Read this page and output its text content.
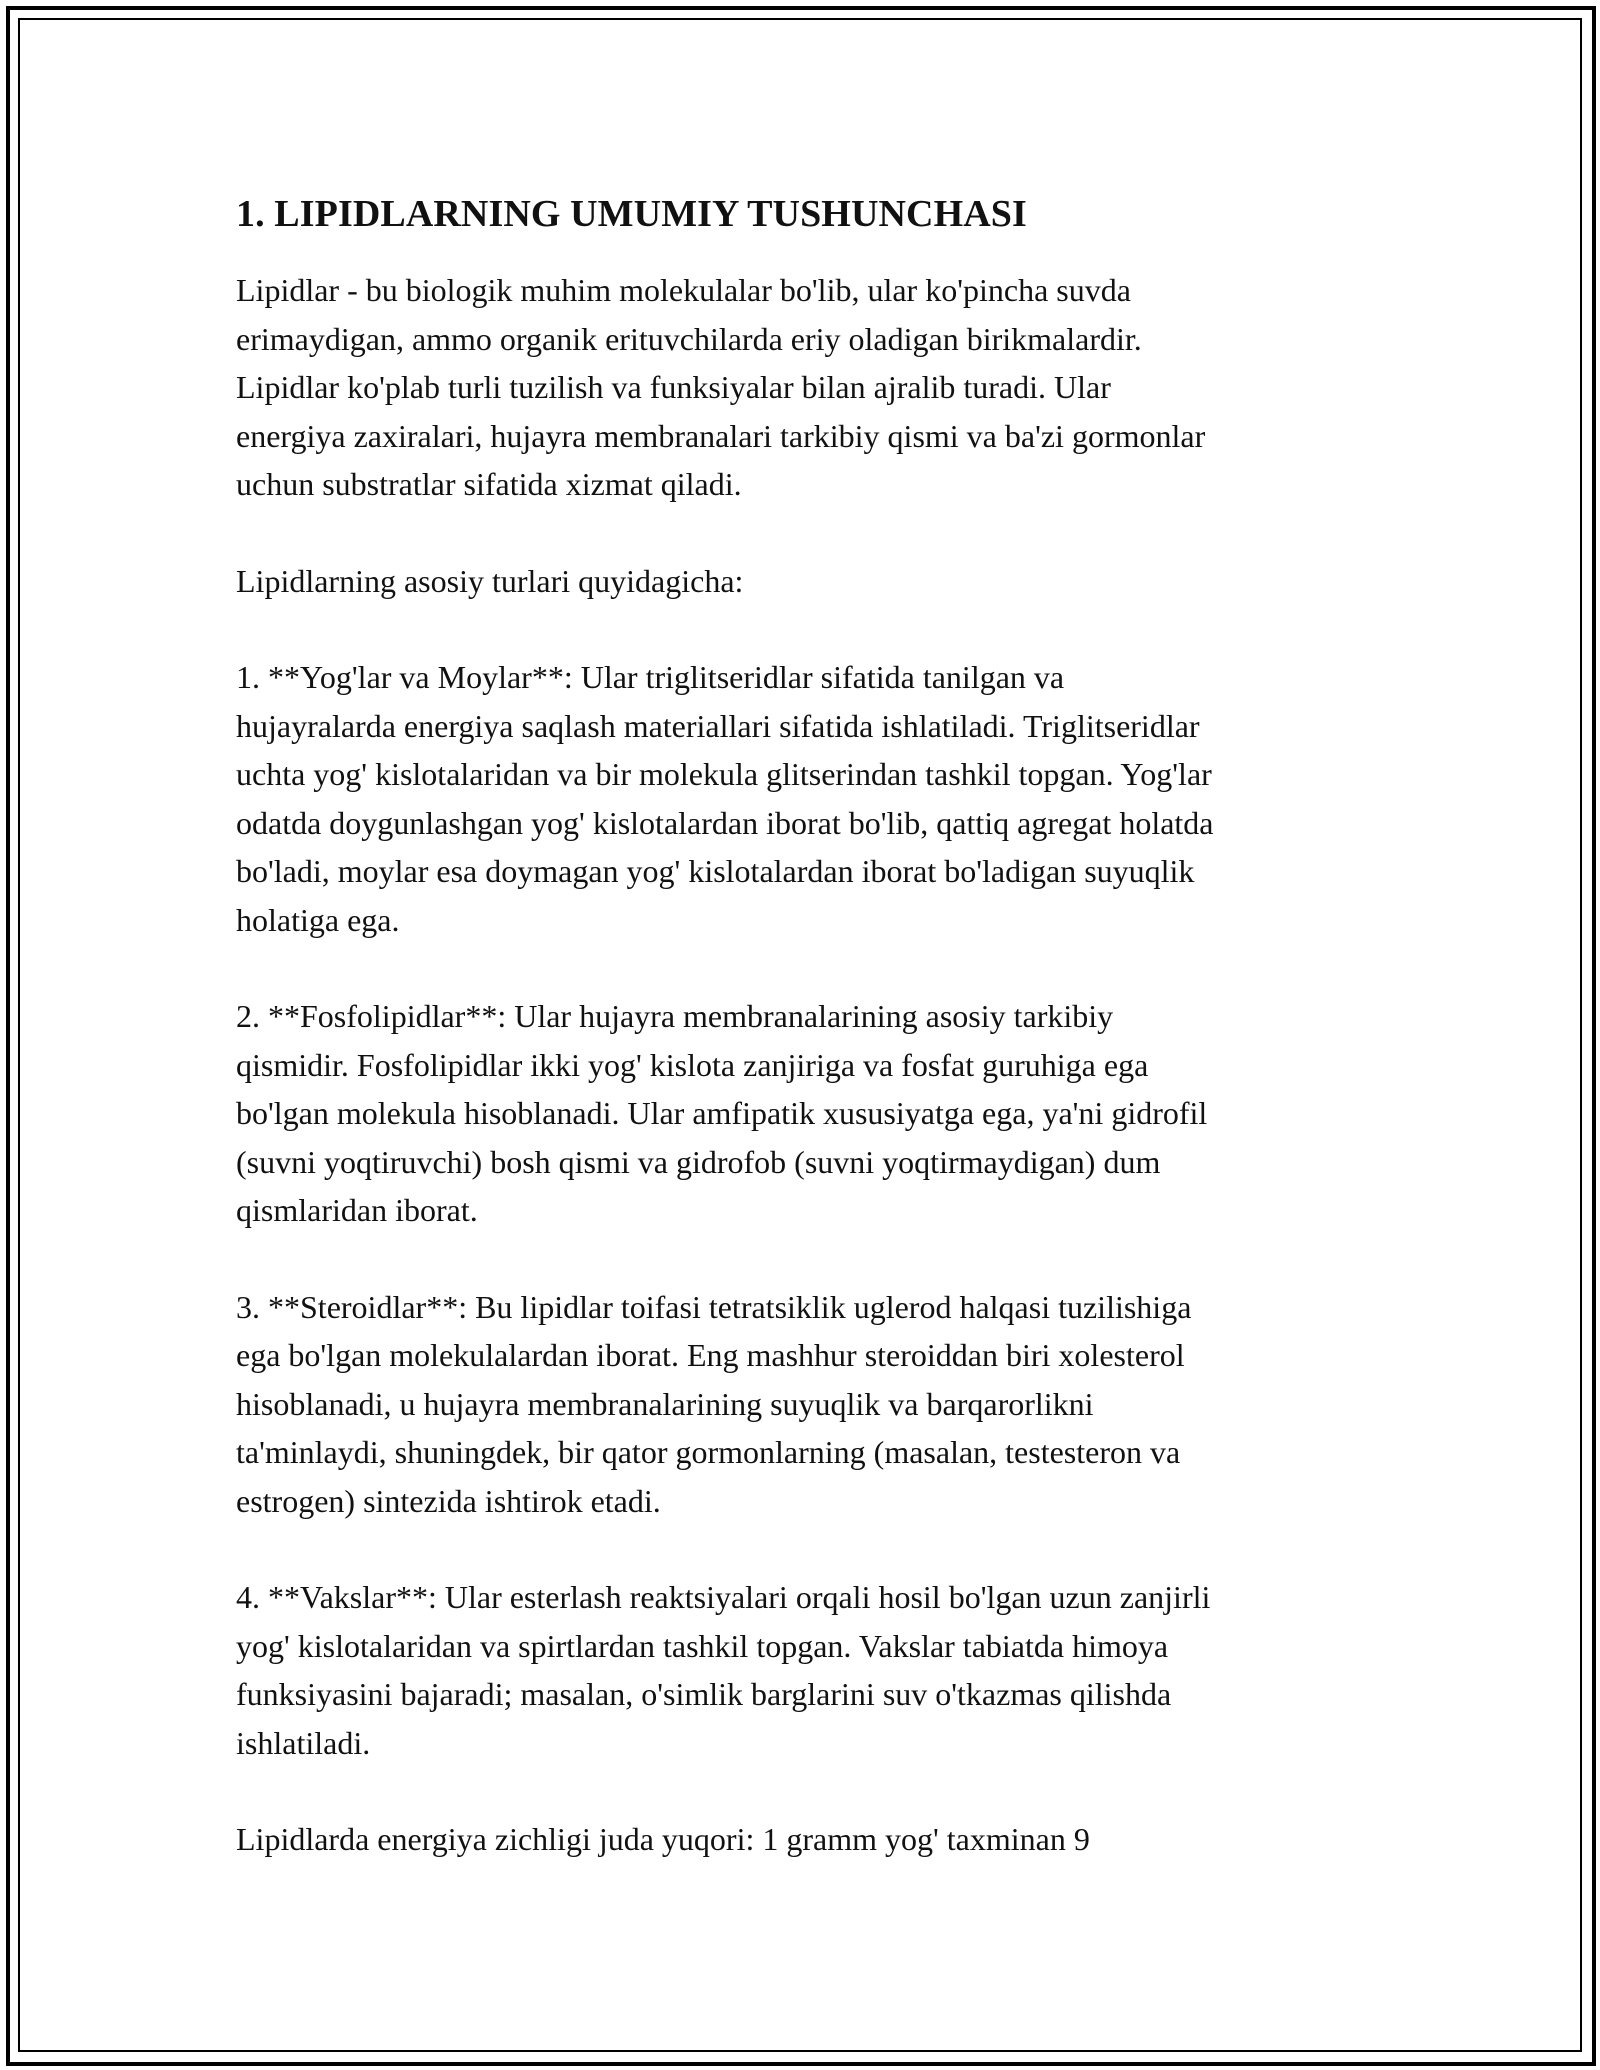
1. LIPIDLARNING UMUMIY TUSHUNCHASI

Lipidlar - bu biologik muhim molekulalar bo'lib, ular ko'pincha suvda
erimaydigan, ammo organik erituvchilarda eriy oladigan birikmalardir.
Lipidlar ko'plab turli tuzilish va funksiyalar bilan ajralib turadi. Ular
energiya zaxiralari, hujayra membranalari tarkibiy qismi va ba'zi gormonlar
uchun substratlar sifatida xizmat qiladi.

Lipidlarning asosiy turlari quyidagicha:

1. **Yog'lar va Moylar**: Ular triglitseridlar sifatida tanilgan va
hujayralarda energiya saqlash materiallari sifatida ishlatiladi. Triglitseridlar
uchta yog' kislotalaridan va bir molekula glitserindan tashkil topgan. Yog'lar
odatda doygunlashgan yog' kislotalardan iborat bo'lib, qattiq agregat holatda
bo'ladi, moylar esa doymagan yog' kislotalardan iborat bo'ladigan suyuqlik
holatiga ega.

2. **Fosfolipidlar**: Ular hujayra membranalarining asosiy tarkibiy
qismidir. Fosfolipidlar ikki yog' kislota zanjiriga va fosfat guruhiga ega
bo'lgan molekula hisoblanadi. Ular amfipatik xususiyatga ega, ya'ni gidrofil
(suvni yoqtiruvchi) bosh qismi va gidrofob (suvni yoqtirmaydigan) dum
qismlaridan iborat.

3. **Steroidlar**: Bu lipidlar toifasi tetratsiklik uglerod halqasi tuzilishiga
ega bo'lgan molekulalardan iborat. Eng mashhur steroiddan biri xolesterol
hisoblanadi, u hujayra membranalarining suyuqlik va barqarorlikni
ta'minlaydi, shuningdek, bir qator gormonlarning (masalan, testesteron va
estrogen) sintezida ishtirok etadi.

4. **Vakslar**: Ular esterlash reaktsiyalari orqali hosil bo'lgan uzun zanjirli
yog' kislotalaridan va spirtlardan tashkil topgan. Vakslar tabiatda himoya
funksiyasini bajaradi; masalan, o'simlik barglarini suv o'tkazmas qilishda
ishlatiladi.

Lipidlarda energiya zichligi juda yuqori: 1 gramm yog' taxminan 9
